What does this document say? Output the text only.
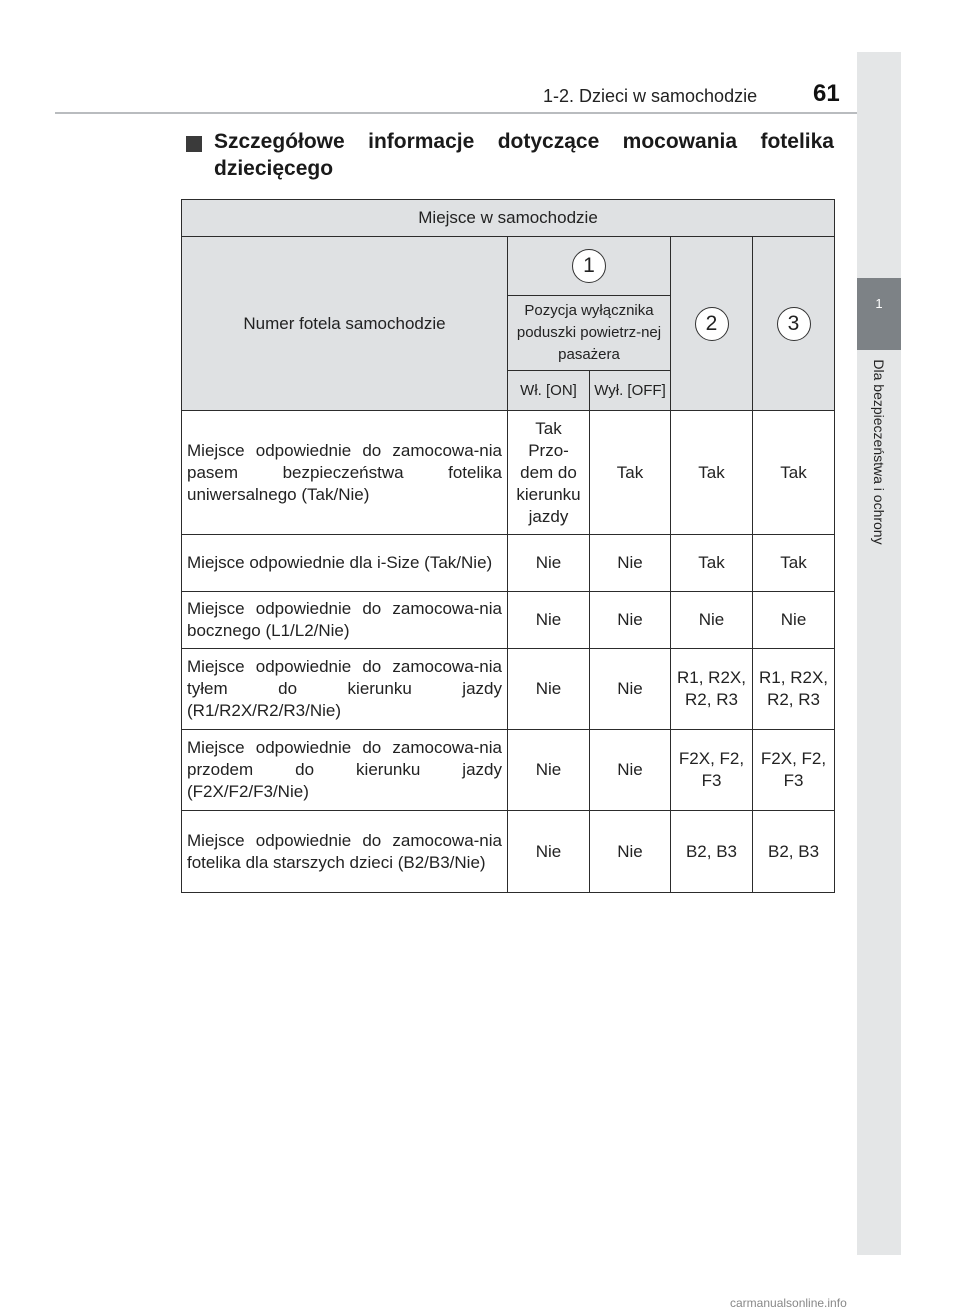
1-2. Dzieci w samochodzie 61
1
Dla bezpieczeństwa i ochrony
Szczegółowe informacje dotyczące mocowania fotelika
dziecięcego
Miejsce w samochodzie				
Numer fotela samochodzie	1		2	3
	Pozycja wyłącznika poduszki powietrz-nej pasażera			
	Wł. [ON]	Wył. [OFF]		
Miejsce odpowiednie do zamocowa-nia pasem bezpieczeństwa fotelika uniwersalnego (Tak/Nie)	Tak Przo-dem do kierunku jazdy	Tak	Tak	Tak
Miejsce odpowiednie dla i-Size (Tak/Nie)	Nie	Nie	Tak	Tak
Miejsce odpowiednie do zamocowa-nia bocznego (L1/L2/Nie)	Nie	Nie	Nie	Nie
Miejsce odpowiednie do zamocowa-nia tyłem do kierunku jazdy (R1/R2X/R2/R3/Nie)	Nie	Nie	R1, R2X, R2, R3	R1, R2X, R2, R3
Miejsce odpowiednie do zamocowa-nia przodem do kierunku jazdy (F2X/F2/F3/Nie)	Nie	Nie	F2X, F2, F3	F2X, F2, F3
Miejsce odpowiednie do zamocowa-nia fotelika dla starszych dzieci (B2/B3/Nie)	Nie	Nie	B2, B3	B2, B3
carmanualsonline.info
